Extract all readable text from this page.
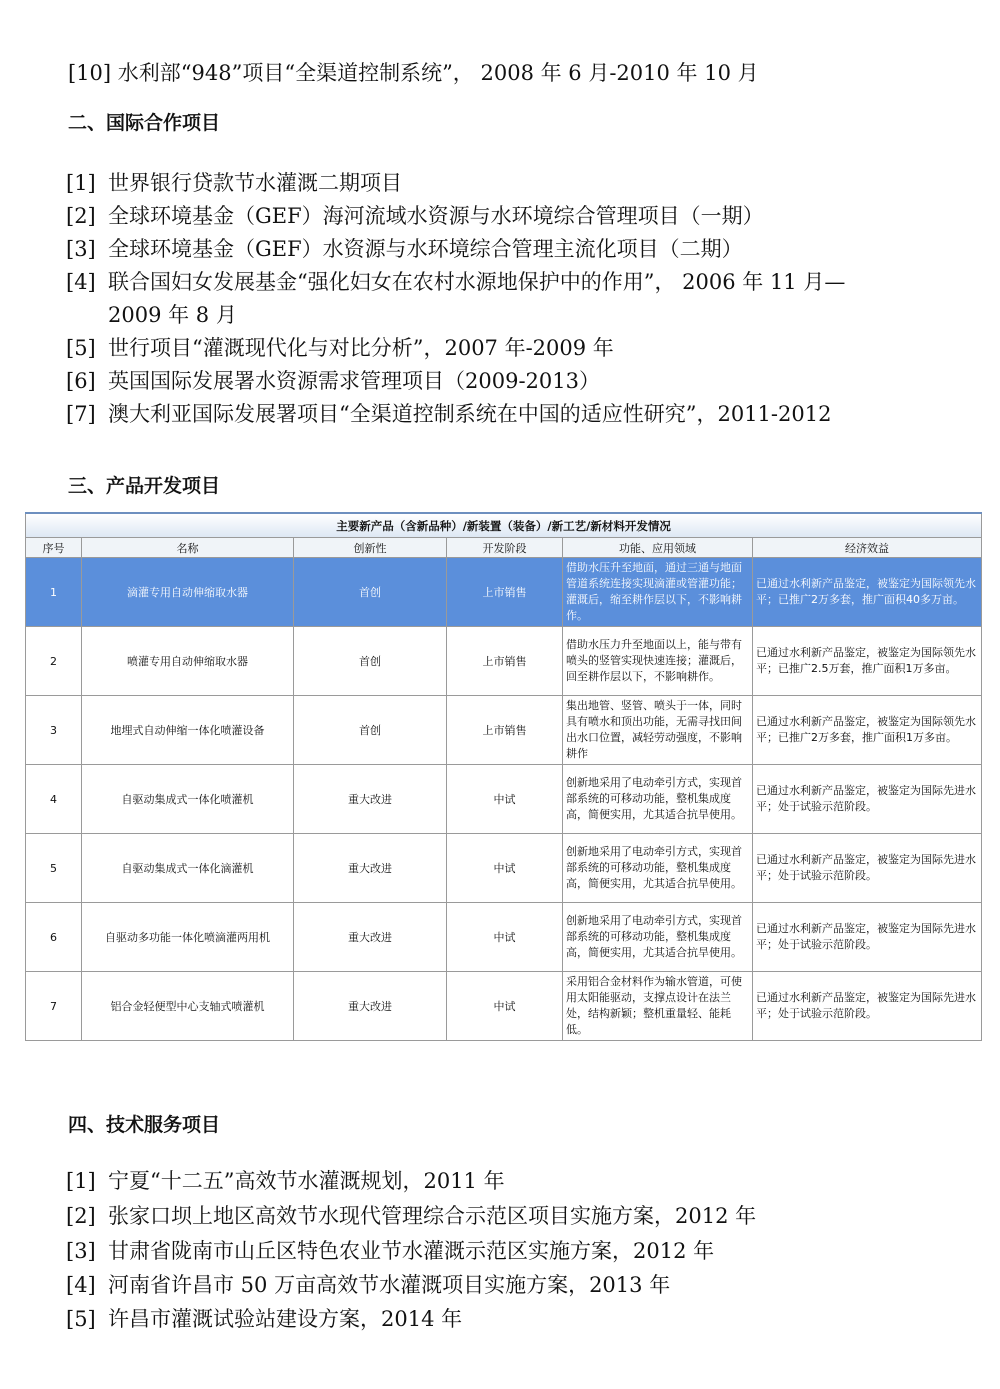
[10] 水利部“948”项目“全渠道控制系统”， 2008 年 6 月-2010 年 10 月
二、国际合作项目
[1] 世界银行贷款节水灌溉二期项目
[2] 全球环境基金（GEF）海河流域水资源与水环境综合管理项目（一期）
[3] 全球环境基金（GEF）水资源与水环境综合管理主流化项目（二期）
[4] 联合国妇女发展基金“强化妇女在农村水源地保护中的作用”， 2006 年 11 月—
2009 年 8 月
[5] 世行项目“灌溉现代化与对比分析”，2007 年-2009 年
[6] 英国国际发展署水资源需求管理项目（2009-2013）
[7] 澳大利亚国际发展署项目“全渠道控制系统在中国的适应性研究”，2011-2012
三、产品开发项目
主要新产品（含新品种）/新装置（装备）/新工艺/新材料开发情况					
序号	名称	创新性	开发阶段	功能、应用领域	经济效益
1	滴灌专用自动伸缩取水器	首创	上市销售	借助水压升至地面，通过三通与地面管道系统连接实现滴灌或管灌功能；灌溉后，缩至耕作层以下，不影响耕作。	已通过水利新产品鉴定，被鉴定为国际领先水平；已推广2万多套，推广面积40多万亩。

2	喷灌专用自动伸缩取水器	首创	上市销售	借助水压力升至地面以上，能与带有喷头的竖管实现快速连接；灌溉后，回至耕作层以下，不影响耕作。	已通过水利新产品鉴定，被鉴定为国际领先水平；已推广2.5万套，推广面积1万多亩。

3	地埋式自动伸缩一体化喷灌设备	首创	上市销售	集出地管、竖管、喷头于一体，同时具有喷水和顶出功能，无需寻找田间出水口位置，减轻劳动强度，不影响耕作	已通过水利新产品鉴定，被鉴定为国际领先水平；已推广2万多套，推广面积1万多亩。

4	自驱动集成式一体化喷灌机	重大改进	中试	创新地采用了电动牵引方式，实现首部系统的可移动功能，整机集成度高，简便实用，尤其适合抗旱使用。	已通过水利新产品鉴定，被鉴定为国际先进水平；处于试验示范阶段。

5	自驱动集成式一体化滴灌机	重大改进	中试	创新地采用了电动牵引方式，实现首部系统的可移动功能，整机集成度高，简便实用，尤其适合抗旱使用。	已通过水利新产品鉴定，被鉴定为国际先进水平；处于试验示范阶段。

6	自驱动多功能一体化喷滴灌两用机	重大改进	中试	创新地采用了电动牵引方式，实现首部系统的可移动功能，整机集成度高，简便实用，尤其适合抗旱使用。	已通过水利新产品鉴定，被鉴定为国际先进水平；处于试验示范阶段。

7	铝合金轻便型中心支轴式喷灌机	重大改进	中试	采用铝合金材料作为输水管道，可使用太阳能驱动，支撑点设计在法兰处，结构新颖；整机重量轻、能耗低。	已通过水利新产品鉴定，被鉴定为国际先进水平；处于试验示范阶段。
四、技术服务项目
[1] 宁夏“十二五”高效节水灌溉规划，2011 年
[2] 张家口坝上地区高效节水现代管理综合示范区项目实施方案，2012 年
[3] 甘肃省陇南市山丘区特色农业节水灌溉示范区实施方案，2012 年
[4] 河南省许昌市 50 万亩高效节水灌溉项目实施方案，2013 年
[5] 许昌市灌溉试验站建设方案，2014 年
